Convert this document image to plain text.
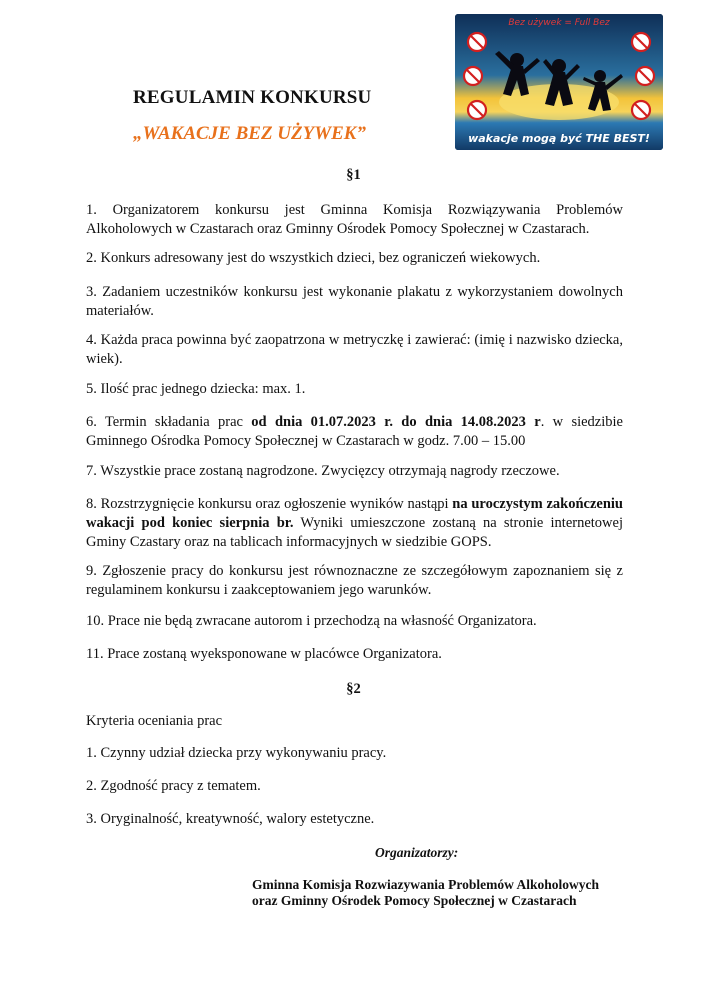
REGULAMIN KONKURSU
„WAKACJE BEZ UŻYWEK”
Bez używek = Full Bez
wakacje mogą być THE BEST!
§1
1. Organizatorem konkursu jest Gminna Komisja Rozwiązywania Problemów Alkoholowych w Czastarach oraz Gminny Ośrodek Pomocy Społecznej w Czastarach.
2. Konkurs adresowany jest do wszystkich dzieci, bez ograniczeń wiekowych.
3. Zadaniem uczestników konkursu jest wykonanie plakatu z wykorzystaniem dowolnych materiałów.
4. Każda praca powinna być zaopatrzona w metryczkę i zawierać: (imię i nazwisko dziecka, wiek).
5. Ilość prac jednego dziecka: max. 1.
6. Termin składania prac od dnia 01.07.2023 r. do dnia 14.08.2023 r. w siedzibie Gminnego Ośrodka Pomocy Społecznej w Czastarach w godz. 7.00 – 15.00
7. Wszystkie prace zostaną nagrodzone. Zwycięzcy otrzymają nagrody rzeczowe.
8. Rozstrzygnięcie konkursu oraz ogłoszenie wyników nastąpi na uroczystym zakończeniu wakacji pod koniec sierpnia br. Wyniki umieszczone zostaną na stronie internetowej Gminy Czastary oraz na tablicach informacyjnych w siedzibie GOPS.
9. Zgłoszenie pracy do konkursu jest równoznaczne ze szczegółowym zapoznaniem się z regulaminem konkursu i zaakceptowaniem jego warunków.
10. Prace nie będą zwracane autorom i przechodzą na własność Organizatora.
11. Prace zostaną wyeksponowane w placówce Organizatora.
§2
Kryteria oceniania prac
1. Czynny udział dziecka przy wykonywaniu pracy.
2. Zgodność pracy z tematem.
3. Oryginalność, kreatywność, walory estetyczne.
Organizatorzy:
Gminna Komisja Rozwiazywania Problemów Alkoholowych
oraz Gminny Ośrodek Pomocy Społecznej w Czastarach
